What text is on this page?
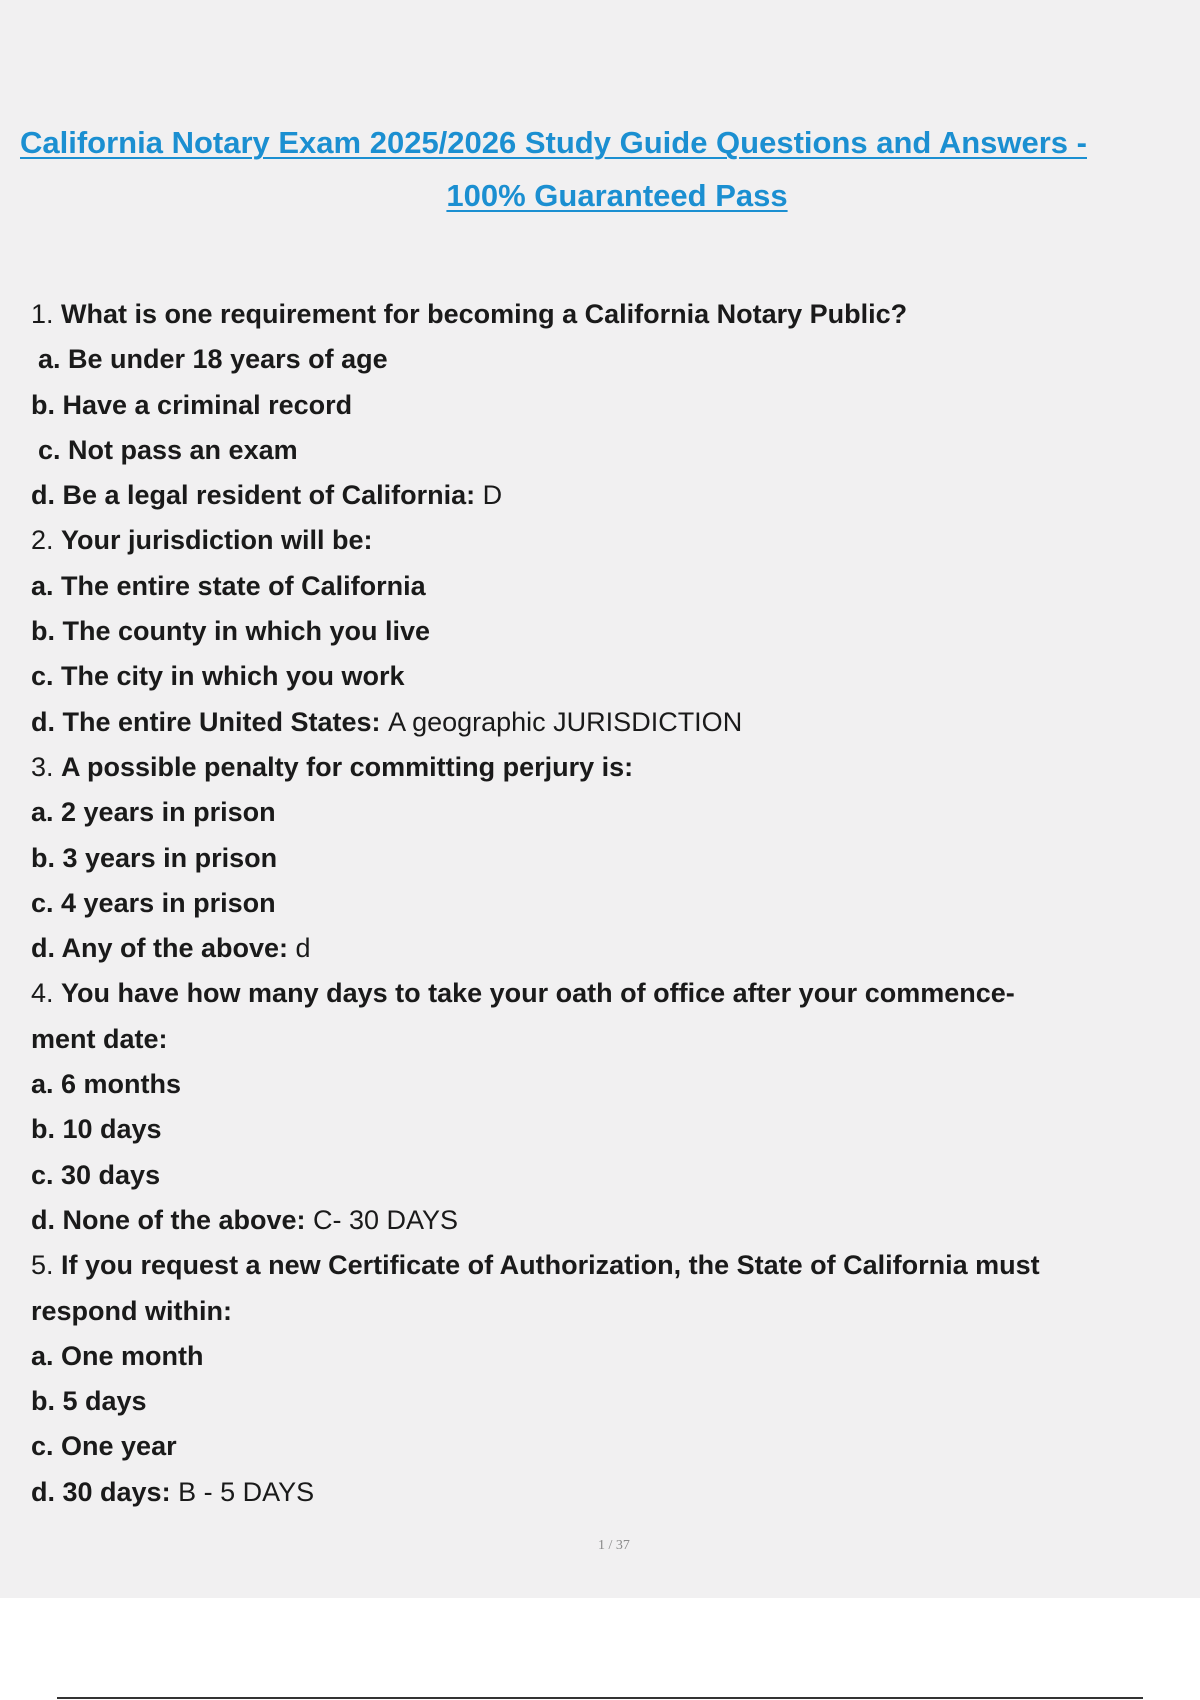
California Notary Exam 2025/2026 Study Guide Questions and Answers -
100% Guaranteed Pass
1. What is one requirement for becoming a California Notary Public?
a. Be under 18 years of age
b. Have a criminal record
c. Not pass an exam
d. Be a legal resident of California: D
2. Your jurisdiction will be:
a. The entire state of California
b. The county in which you live
c. The city in which you work
d. The entire United States: A geographic JURISDICTION
3. A possible penalty for committing perjury is:
a. 2 years in prison
b. 3 years in prison
c. 4 years in prison
d. Any of the above: d
4. You have how many days to take your oath of office after your commence-
ment date:
a. 6 months
b. 10 days
c. 30 days
d. None of the above: C- 30 DAYS
5. If you request a new Certificate of Authorization, the State of California must
respond within:
a. One month
b. 5 days
c. One year
d. 30 days: B - 5 DAYS
1 / 37
